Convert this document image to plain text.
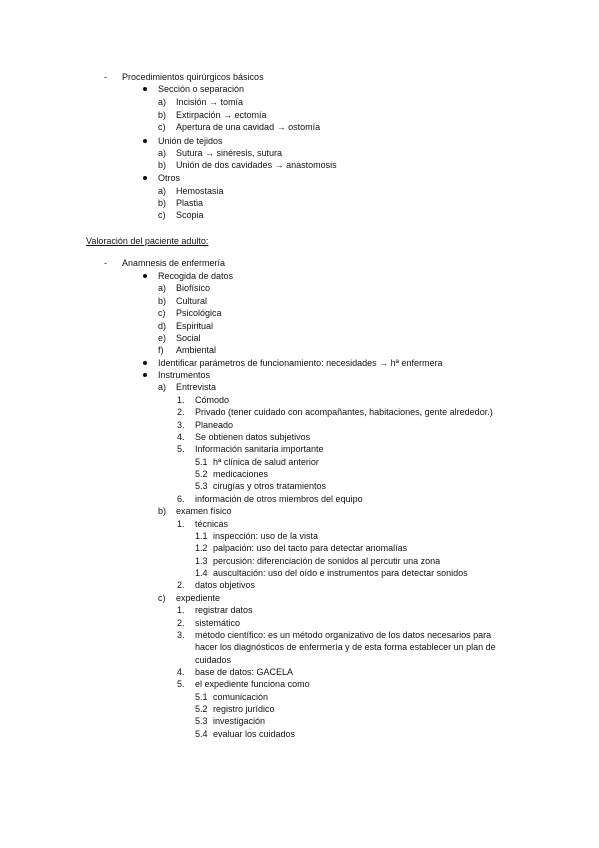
- Procedimientos quirúrgicos básicos
Sección o separación
a) Incisión → tomía
b) Extirpación → ectomía
c) Apertura de una cavidad → ostomía
Unión de tejidos
a) Sutura → sinéresis, sutura
b) Unión de dos cavidades → anastomosis
Otros
a) Hemostasia
b) Plastia
c) Scopia
Valoración del paciente adulto:
- Anamnesis de enfermería
Recogida de datos
a) Biofísico
b) Cultural
c) Psicológica
d) Espiritual
e) Social
f) Ambiental
Identificar parámetros de funcionamiento: necesidades → hª enfermera
Instrumentos
a) Entrevista
1. Cómodo
2. Privado (tener cuidado con acompañantes, habitaciones, gente alrededor.)
3. Planeado
4. Se obtienen datos subjetivos
5. Información sanitaria importante
5.1 hª clínica de salud anterior
5.2 medicaciones
5.3 cirugías y otros tratamientos
6. información de otros miembros del equipo
b) examen físico
1. técnicas
1.1 inspección: uso de la vista
1.2 palpación: uso del tacto para detectar anomalías
1.3 percusión: diferenciación de sonidos al percutir una zona
1.4 auscultación: uso del oído e instrumentos para detectar sonidos
2. datos objetivos
c) expediente
1. registrar datos
2. sistemático
3. método científico: es un método organizativo de los datos necesarios para
hacer los diagnósticos de enfermería y de esta forma establecer un plan de
cuidados
4. base de datos: GACELA
5. el expediente funciona como
5.1 comunicación
5.2 registro jurídico
5.3 investigación
5.4 evaluar los cuidados
